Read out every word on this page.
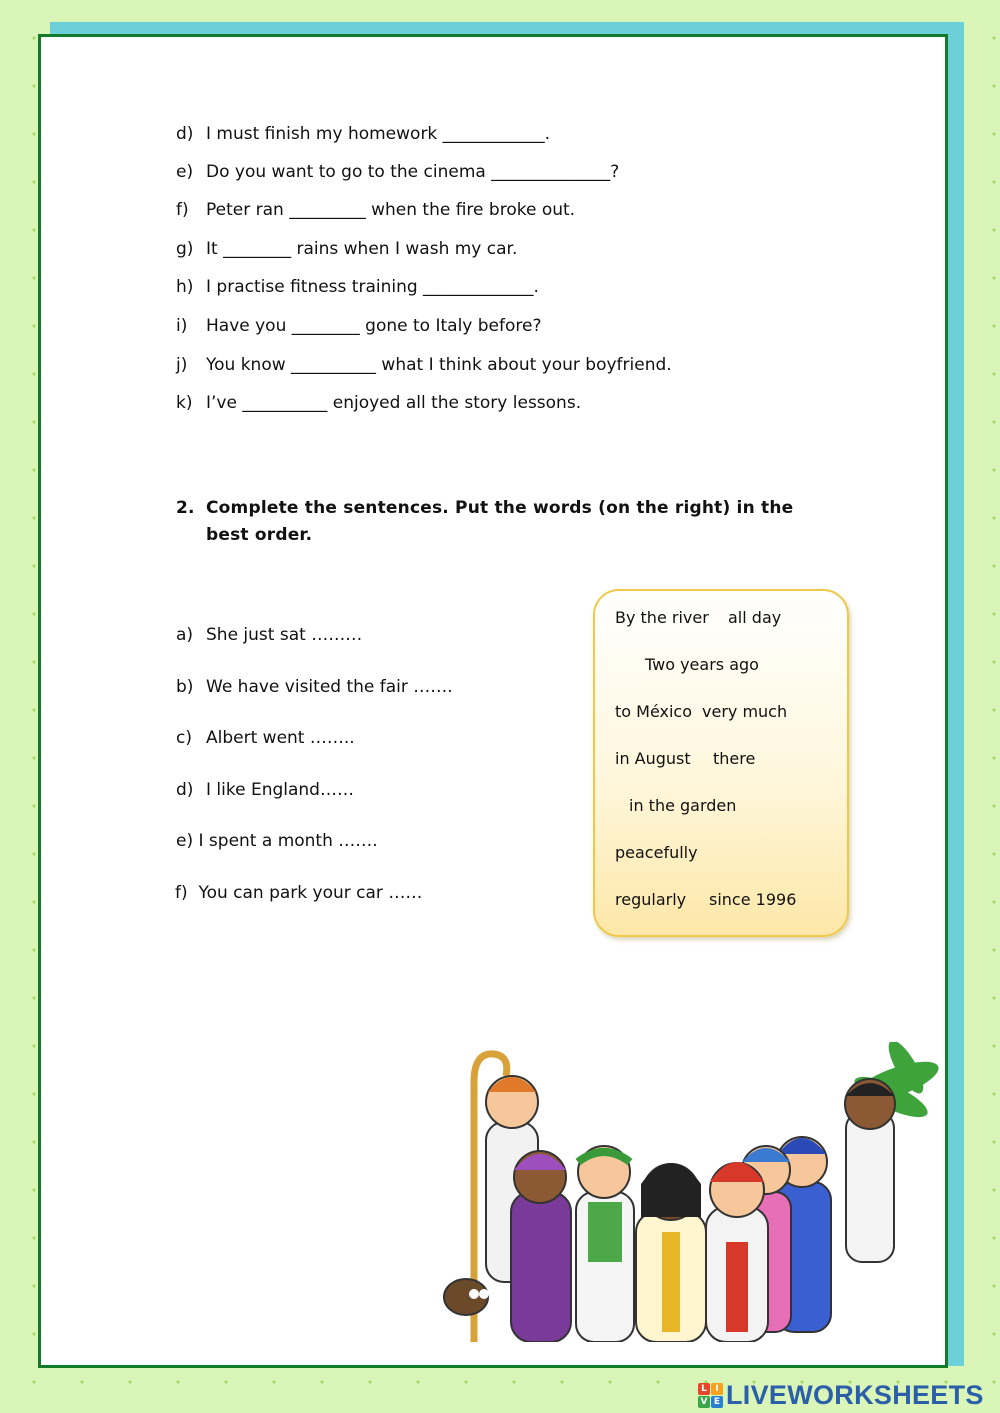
d) I must finish my homework ____________.
e) Do you want to go to the cinema ______________?
f) Peter ran _________ when the fire broke out.
g) It ________ rains when I wash my car.
h) I practise fitness training _____________.
i) Have you ________ gone to Italy before?
j) You know __________ what I think about your boyfriend.
k) I’ve __________ enjoyed all the story lessons.
2. Complete the sentences. Put the words (on the right) in the best order.
a) She just sat ………
b) We have visited the fair …….
c) Albert went ……..
d) I like England……
e) I spent a month …….
f) You can park your car ……
By the river all day
Two years ago
to México very much
in August there
in the garden
peacefully
regularly since 1996
L I
V E LIVEWORKSHEETS
